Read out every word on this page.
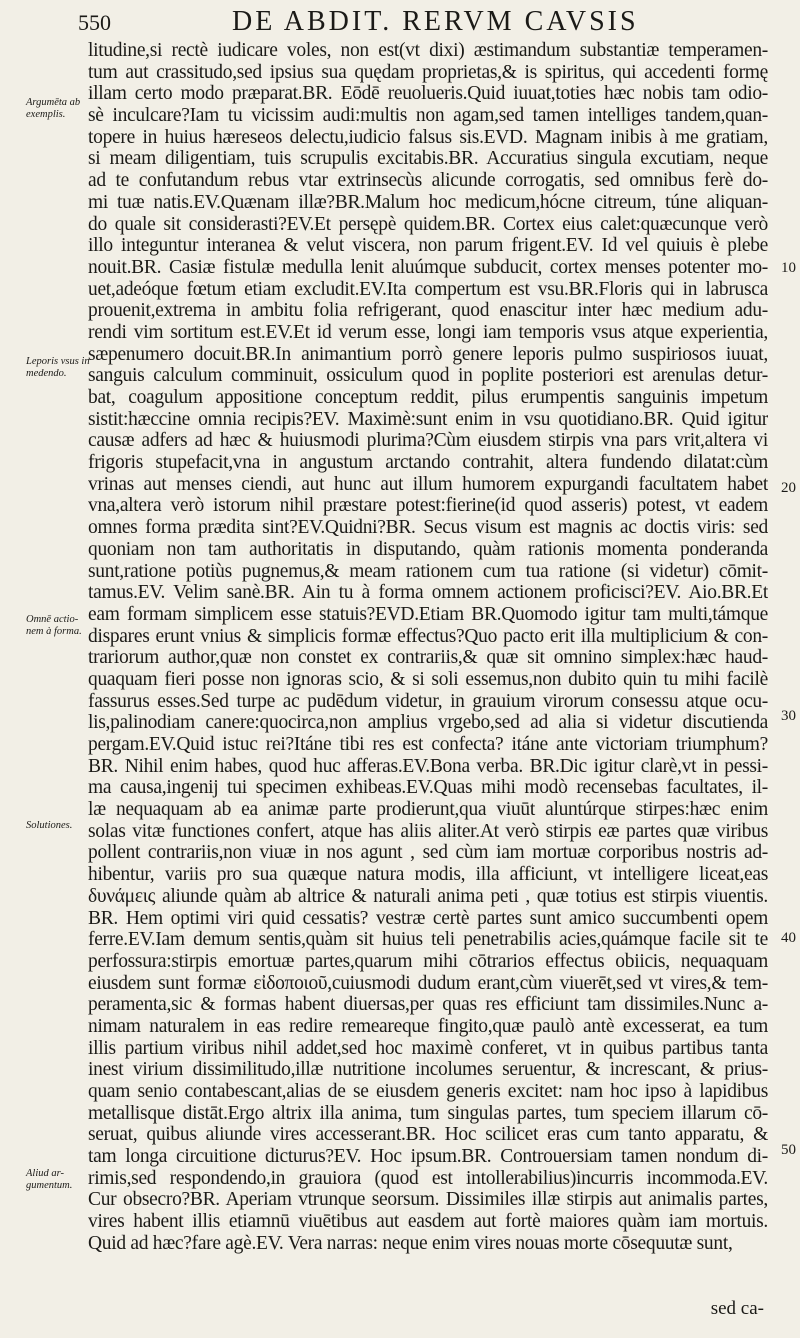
550	DE ABDIT. RERVM CAVSIS
Argumēta ab exemplis.
Leporis vsus in medendo.
Omnē actio-nem à forma.
Solutiones.
Aliud ar-gumentum.
litudine,si rectè iudicare voles, non est(vt dixi) æstimandum substantiæ temperamen-
tum aut crassitudo,sed ipsius sua quędam proprietas,& is spiritus, qui accedenti formę
illam certo modo præparat.BR. Eōdē reuolueris.Quid iuuat,toties hæc nobis tam odio-
sè inculcare?Iam tu vicissim audi:multis non agam,sed tamen intelliges tandem,quan-
topere in huius hæreseos delectu,iudicio falsus sis.EVD. Magnam inibis à me gratiam,
si meam diligentiam, tuis scrupulis excitabis.BR. Accuratius singula excutiam, neque
ad te confutandum rebus vtar extrinsecùs alicunde corrogatis, sed omnibus ferè do-
mi tuæ natis.EV.Quænam illæ?BR.Malum hoc medicum,hócne citreum, túne aliquan-
do quale sit considerasti?EV.Et persępè quidem.BR. Cortex eius calet:quæcunque verò
illo integuntur interanea & velut viscera, non parum frigent.EV. Id vel quiuis è plebe
nouit.BR. Casiæ fistulæ medulla lenit aluúmque subducit, cortex menses potenter mo-
uet,adeóque fœtum etiam excludit.EV.Ita compertum est vsu.BR.Floris qui in labrusca
prouenit,extrema in ambitu folia refrigerant, quod enascitur inter hæc medium adu-
rendi vim sortitum est.EV.Et id verum esse, longi iam temporis vsus atque experientia,
sæpenumero docuit.BR.In animantium porrò genere leporis pulmo suspiriosos iuuat,
sanguis calculum comminuit, ossiculum quod in poplite posteriori est arenulas detur-
bat, coagulum appositione conceptum reddit, pilus erumpentis sanguinis impetum
sistit:hæccine omnia recipis?EV. Maximè:sunt enim in vsu quotidiano.BR. Quid igitur
causæ adfers ad hæc & huiusmodi plurima?Cùm eiusdem stirpis vna pars vrit,altera vi
frigoris stupefacit,vna in angustum arctando contrahit, altera fundendo dilatat:cùm
vrinas aut menses ciendi, aut hunc aut illum humorem expurgandi facultatem habet
vna,altera verò istorum nihil præstare potest:fierine(id quod asseris) potest, vt eadem
omnes forma prædita sint?EV.Quidni?BR. Secus visum est magnis ac doctis viris: sed
quoniam non tam authoritatis in disputando, quàm rationis momenta ponderanda
sunt,ratione potiùs pugnemus,& meam rationem cum tua ratione (si videtur) cōmit-
tamus.EV. Velim sanè.BR. Ain tu à forma omnem actionem proficisci?EV. Aio.BR.Et
eam formam simplicem esse statuis?EVD.Etiam BR.Quomodo igitur tam multi,támque
dispares erunt vnius & simplicis formæ effectus?Quo pacto erit illa multiplicium & con-
trariorum author,quæ non constet ex contrariis,& quæ sit omnino simplex:hæc haud-
quaquam fieri posse non ignoras scio, & si soli essemus,non dubito quin tu mihi facilè
fassurus esses.Sed turpe ac pudēdum videtur, in grauium virorum consessu atque ocu-
lis,palinodiam canere:quocirca,non amplius vrgebo,sed ad alia si videtur discutienda
pergam.EV.Quid istuc rei?Itáne tibi res est confecta? itáne ante victoriam triumphum?
BR. Nihil enim habes, quod huc afferas.EV.Bona verba. BR.Dic igitur clarè,vt in pessi-
ma causa,ingenij tui specimen exhibeas.EV.Quas mihi modò recensebas facultates, il-
læ nequaquam ab ea animæ parte prodierunt,qua viuūt aluntúrque stirpes:hæc enim
solas vitæ functiones confert, atque has aliis aliter.At verò stirpis eæ partes quæ viribus
pollent contrariis,non viuæ in nos agunt , sed cùm iam mortuæ corporibus nostris ad-
hibentur, variis pro sua quæque natura modis, illa afficiunt, vt intelligere liceat,eas
δυνάμεις aliunde quàm ab altrice & naturali anima peti , quæ totius est stirpis viuentis.
BR. Hem optimi viri quid cessatis? vestræ certè partes sunt amico succumbenti opem
ferre.EV.Iam demum sentis,quàm sit huius teli penetrabilis acies,quámque facile sit te
perfossura:stirpis emortuæ partes,quarum mihi cōtrarios effectus obiicis, nequaquam
eiusdem sunt formæ εἰδοποιοῦ,cuiusmodi dudum erant,cùm viuerēt,sed vt vires,& tem-
peramenta,sic & formas habent diuersas,per quas res efficiunt tam dissimiles.Nunc a-
nimam naturalem in eas redire remeareque fingito,quæ paulò antè excesserat, ea tum
illis partium viribus nihil addet,sed hoc maximè conferet, vt in quibus partibus tanta
inest virium dissimilitudo,illæ nutritione incolumes seruentur, & increscant, & prius-
quam senio contabescant,alias de se eiusdem generis excitet: nam hoc ipso à lapidibus
metallisque distāt.Ergo altrix illa anima, tum singulas partes, tum speciem illarum cō-
seruat, quibus aliunde vires accesserant.BR. Hoc scilicet eras cum tanto apparatu, &
tam longa circuitione dicturus?EV. Hoc ipsum.BR. Controuersiam tamen nondum di-
rimis,sed respondendo,in grauiora (quod est intollerabilius)incurris incommoda.EV.
Cur obsecro?BR. Aperiam vtrunque seorsum. Dissimiles illæ stirpis aut animalis partes,
vires habent illis etiamnū viuētibus aut easdem aut fortè maiores quàm iam mortuis.
Quid ad hæc?fare agè.EV. Vera narras: neque enim vires nouas morte cōsequutæ sunt,
10
20
30
40
50
sed ca-
